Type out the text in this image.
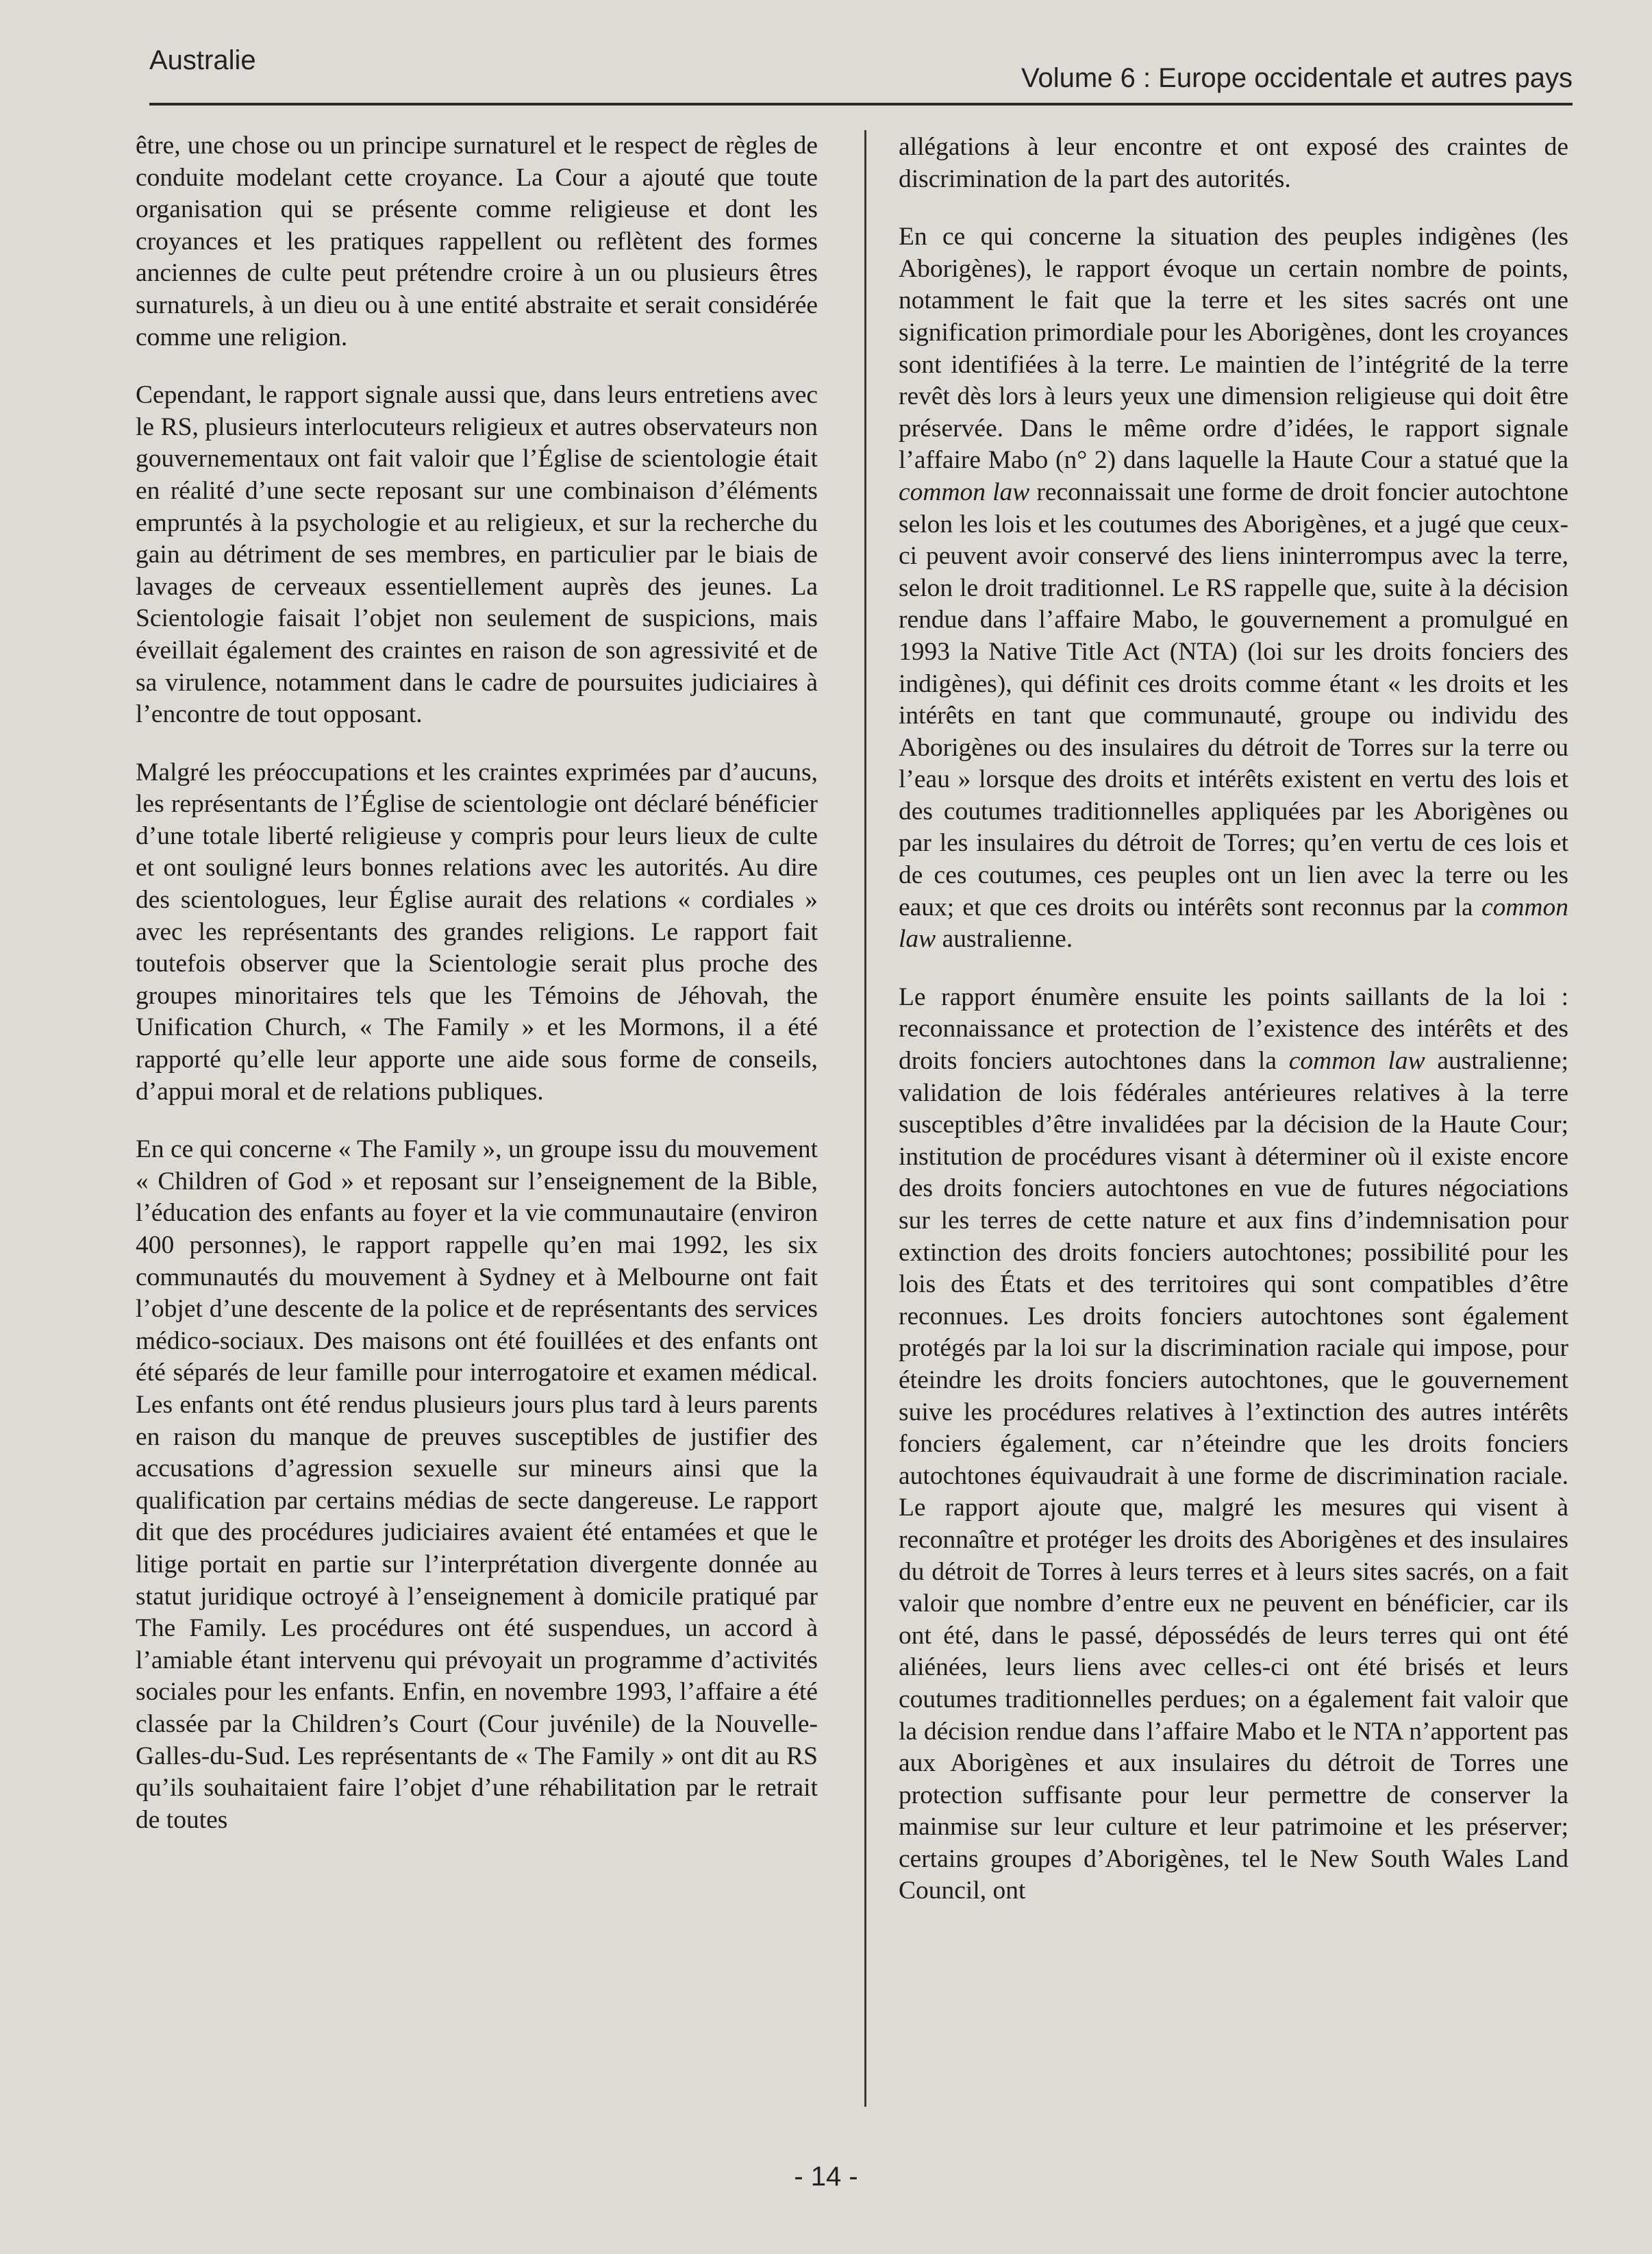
Australie
Volume 6 : Europe occidentale et autres pays

être, une chose ou un principe surnaturel et le respect de règles de conduite modelant cette croyance. La Cour a ajouté que toute organisation qui se présente comme religieuse et dont les croyances et les pratiques rappellent ou reflètent des formes anciennes de culte peut prétendre croire à un ou plusieurs êtres surnaturels, à un dieu ou à une entité abstraite et serait considérée comme une religion.

Cependant, le rapport signale aussi que, dans leurs entretiens avec le RS, plusieurs interlocuteurs religieux et autres observateurs non gouvernementaux ont fait valoir que l’Église de scientologie était en réalité d’une secte reposant sur une combinaison d’éléments empruntés à la psychologie et au religieux, et sur la recherche du gain au détriment de ses membres, en particulier par le biais de lavages de cerveaux essentiellement auprès des jeunes. La Scientologie faisait l’objet non seulement de suspicions, mais éveillait également des craintes en raison de son agressivité et de sa virulence, notamment dans le cadre de poursuites judiciaires à l’encontre de tout opposant.

Malgré les préoccupations et les craintes exprimées par d’aucuns, les représentants de l’Église de scientologie ont déclaré bénéficier d’une totale liberté religieuse y compris pour leurs lieux de culte et ont souligné leurs bonnes relations avec les autorités. Au dire des scientologues, leur Église aurait des relations « cordiales » avec les représentants des grandes religions. Le rapport fait toutefois observer que la Scientologie serait plus proche des groupes minoritaires tels que les Témoins de Jéhovah, the Unification Church, « The Family » et les Mormons, il a été rapporté qu’elle leur apporte une aide sous forme de conseils, d’appui moral et de relations publiques.

En ce qui concerne « The Family », un groupe issu du mouvement « Children of God » et reposant sur l’enseignement de la Bible, l’éducation des enfants au foyer et la vie communautaire (environ 400 personnes), le rapport rappelle qu’en mai 1992, les six communautés du mouvement à Sydney et à Melbourne ont fait l’objet d’une descente de la police et de représentants des services médico-sociaux. Des maisons ont été fouillées et des enfants ont été séparés de leur famille pour interrogatoire et examen médical. Les enfants ont été rendus plusieurs jours plus tard à leurs parents en raison du manque de preuves susceptibles de justifier des accusations d’agression sexuelle sur mineurs ainsi que la qualification par certains médias de secte dangereuse. Le rapport dit que des procédures judiciaires avaient été entamées et que le litige portait en partie sur l’interprétation divergente donnée au statut juridique octroyé à l’enseignement à domicile pratiqué par The Family. Les procédures ont été suspendues, un accord à l’amiable étant intervenu qui prévoyait un programme d’activités sociales pour les enfants. Enfin, en novembre 1993, l’affaire a été classée par la Children’s Court (Cour juvénile) de la Nouvelle-Galles-du-Sud. Les représentants de « The Family » ont dit au RS qu’ils souhaitaient faire l’objet d’une réhabilitation par le retrait de toutes

allégations à leur encontre et ont exposé des craintes de discrimination de la part des autorités.

En ce qui concerne la situation des peuples indigènes (les Aborigènes), le rapport évoque un certain nombre de points, notamment le fait que la terre et les sites sacrés ont une signification primordiale pour les Aborigènes, dont les croyances sont identifiées à la terre. Le maintien de l’intégrité de la terre revêt dès lors à leurs yeux une dimension religieuse qui doit être préservée. Dans le même ordre d’idées, le rapport signale l’affaire Mabo (n° 2) dans laquelle la Haute Cour a statué que la common law reconnaissait une forme de droit foncier autochtone selon les lois et les coutumes des Aborigènes, et a jugé que ceux-ci peuvent avoir conservé des liens ininterrompus avec la terre, selon le droit traditionnel. Le RS rappelle que, suite à la décision rendue dans l’affaire Mabo, le gouvernement a promulgué en 1993 la Native Title Act (NTA) (loi sur les droits fonciers des indigènes), qui définit ces droits comme étant « les droits et les intérêts en tant que communauté, groupe ou individu des Aborigènes ou des insulaires du détroit de Torres sur la terre ou l’eau » lorsque des droits et intérêts existent en vertu des lois et des coutumes traditionnelles appliquées par les Aborigènes ou par les insulaires du détroit de Torres; qu’en vertu de ces lois et de ces coutumes, ces peuples ont un lien avec la terre ou les eaux; et que ces droits ou intérêts sont reconnus par la common law australienne.

Le rapport énumère ensuite les points saillants de la loi : reconnaissance et protection de l’existence des intérêts et des droits fonciers autochtones dans la common law australienne; validation de lois fédérales antérieures relatives à la terre susceptibles d’être invalidées par la décision de la Haute Cour; institution de procédures visant à déterminer où il existe encore des droits fonciers autochtones en vue de futures négociations sur les terres de cette nature et aux fins d’indemnisation pour extinction des droits fonciers autochtones; possibilité pour les lois des États et des territoires qui sont compatibles d’être reconnues. Les droits fonciers autochtones sont également protégés par la loi sur la discrimination raciale qui impose, pour éteindre les droits fonciers autochtones, que le gouvernement suive les procédures relatives à l’extinction des autres intérêts fonciers également, car n’éteindre que les droits fonciers autochtones équivaudrait à une forme de discrimination raciale. Le rapport ajoute que, malgré les mesures qui visent à reconnaître et protéger les droits des Aborigènes et des insulaires du détroit de Torres à leurs terres et à leurs sites sacrés, on a fait valoir que nombre d’entre eux ne peuvent en bénéficier, car ils ont été, dans le passé, dépossédés de leurs terres qui ont été aliénées, leurs liens avec celles-ci ont été brisés et leurs coutumes traditionnelles perdues; on a également fait valoir que la décision rendue dans l’affaire Mabo et le NTA n’apportent pas aux Aborigènes et aux insulaires du détroit de Torres une protection suffisante pour leur permettre de conserver la mainmise sur leur culture et leur patrimoine et les préserver; certains groupes d’Aborigènes, tel le New South Wales Land Council, ont

- 14 -
